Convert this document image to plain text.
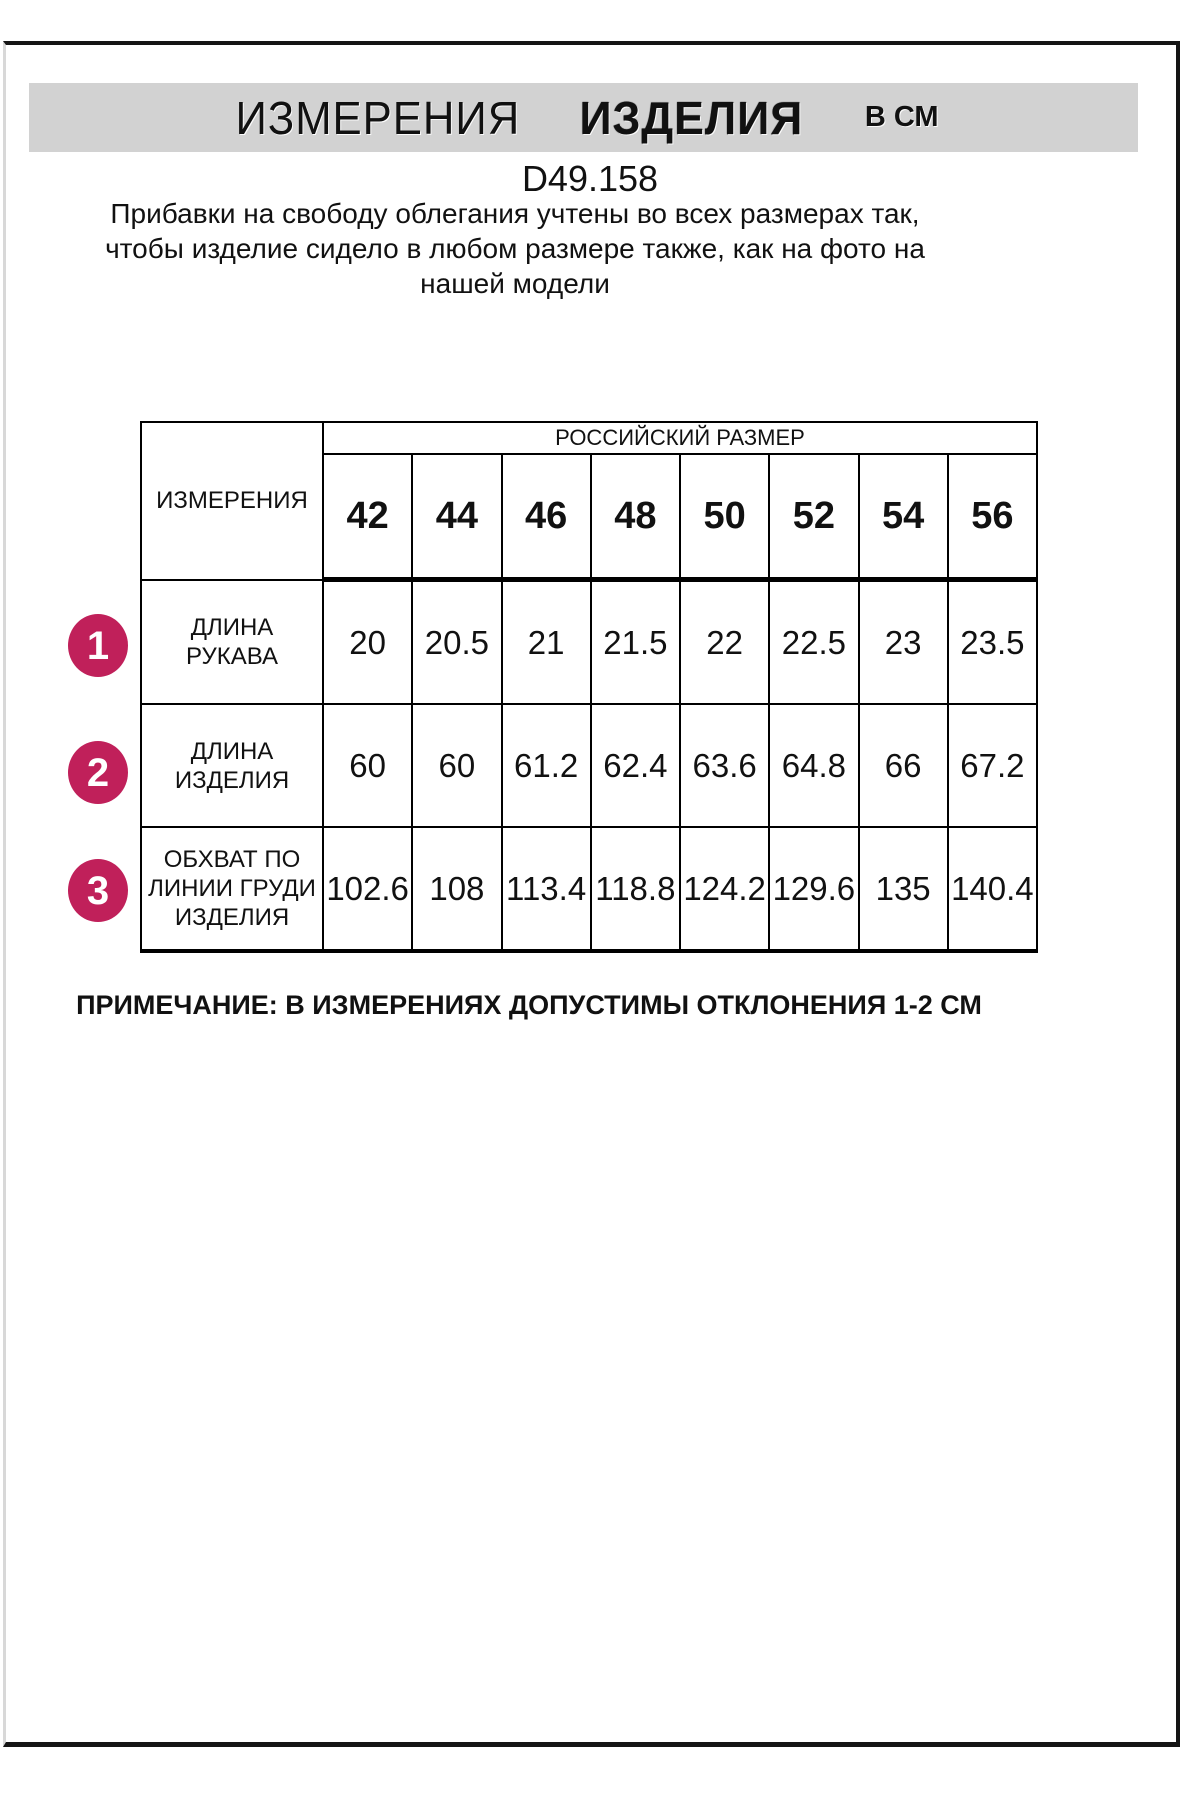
ИЗМЕРЕНИЯ ИЗДЕЛИЯ В СМ
D49.158
Прибавки на свободу облегания учтены во всех размерах так, чтобы изделие сидело в любом размере также, как на фото на нашей модели
ИЗМЕРЕНИЯ	РОССИЙСКИЙ РАЗМЕР							
	42	44	46	48	50	52	54	56

ДЛИНА РУКАВА	20	20.5	21	21.5	22	22.5	23	23.5

ДЛИНА
ИЗДЕЛИЯ	60	60	61.2	62.4	63.6	64.8	66	67.2

ОБХВАТ ПО
ЛИНИИ ГРУДИ
ИЗДЕЛИЯ	102.6	108	113.4	118.8	124.2	129.6	135	140.4
1
2
3
ПРИМЕЧАНИЕ: В ИЗМЕРЕНИЯХ ДОПУСТИМЫ ОТКЛОНЕНИЯ 1-2 СМ
